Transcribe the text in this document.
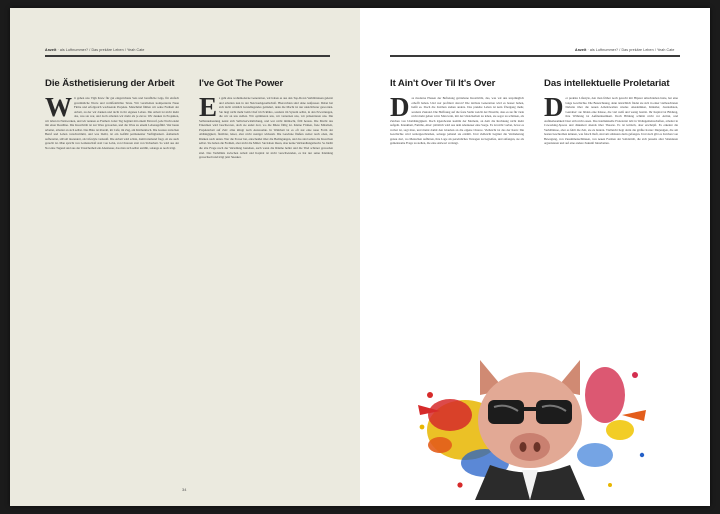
Anzeit · als Luftnummer? / Das prekäre Leben / Yeah Cate
Die Ästhetisierung der Arbeit
W ir gehen uns Vigh Krew für gut eingerichtete Sets und berufliche Gigs, für einfach gewöhnliche Worte und veröffentlichte Texte. Wir verarbeiten komponierte Neue Firme und erfolgreich wachsende Projekte. Manchmal fühlen wir seine Freiheit der Arbeit, zu der wir danken und nicht in ihr eigenes Leben. Die Arbeit ist nicht mehr das, was sie war, und doch arbeiten wir mehr als je zuvor. Wir denken in Projekten, wir leben in Netzwerken, und wir nennen es Freiheit. Jeder Tag beginnt mit einem Entwurf, jede Nacht endet mit einer Deadline. Die Kreativität ist zur Ware geworden, und die Ware zu einem Lebensgefühl. Wer heute arbeitet, arbeitet an sich selbst. Das Büro ist überall, im Café, im Zug, am Küchentisch. Die Grenze zwischen Beruf und Leben verschwimmt, und was bleibt, ist ein Gefühl permanenter Verfügbarkeit. Ästhetisch aufbereitet, stilvoll inszeniert, als Lifestyle verkauft. Die Arbeit wird schön, damit niemand fragt, ob sie auch gerecht ist. Man spricht von Leidenschaft statt von Lohn, von Chancen statt von Sicherheit. So wird aus der Not eine Tugend und aus der Unsicherheit ein Abenteuer, das man sich selbst erzählt, solange es noch trägt.

I've Got The Power
E s geht eine wohnmoderne Generation, wir haben es aus den Top-Down Verhältnissen gelernt und arbeiten nun in der Netzwerkgesellschaft. Hierarchien sind ohne Aufpasser. Dabei hat sich nicht wirklich Grundlegendes geändert, denn die Macht ist nur unsichtbarer geworden. Sie liegt nicht mehr beim Chef im Eckbüro, sondern im System selbst, in den Erwartungen, die wir an uns stellen. Wir optimieren uns, wir vernetzen uns, wir präsentieren uns. Die Selbstausbeutung nennt sich Selbstverwirklichung, und wer nicht mitmacht, fällt heraus. Die Macht des Einzelnen wird beschworen, doch sie endet dort, wo die Miete fällig ist. Kleine Firmen, freie Mitarbeit, Projektarbeit auf Zeit: alles klingt nach Autonomie. In Wahrheit ist es oft nur eine neue Form der Abhängigkeit, flexibler, leiser, aber nicht weniger wirksam. Die Gewinne fließen weiter nach oben, die Risiken nach unten. Wer die Power hat, entscheidet über die Bedingungen, und das sind selten die Kreativen selbst. Sie haben die Freiheit, aber nicht die Mittel. Sie haben Ideen, aber keine Verhandlungsmacht. So bleibt die alte Frage nach der Verteilung bestehen, auch wenn die Räume heller und die Titel schöner geworden sind. Das Verhältnis zwischen Arbeit und Kapital ist nicht verschwunden, es hat nur seine Kleidung gewechselt und trägt jetzt Sneaker.

34
Anzeit · als Luftnummer? / Das prekäre Leben / Yeah Cate
It Ain't Over Til It's Over
D as moderne Phasen der Befreiung getriebene Kreativität, das, was wir uns ursprünglich erhofft haben. Und wer profitiert davon? Die nächste Generation wird es besser haben, heißt es. Doch die Zeichen stehen anders. Das prekäre Leben ist kein Übergang mehr, sondern Zustand. Die Hoffnung auf die feste Stelle weicht der Einsicht, dass es sie für viele nicht mehr geben wird. Man lernt, mit der Unsicherheit zu leben, sie sogar zu schätzen, als Zeichen von Unabhängigkeit. Doch irgendwann kommt der Moment, an dem die Rechnung nicht mehr aufgeht. Krankheit, Familie, Alter: plötzlich wird aus dem Abenteuer eine Sorge. Es ist nicht vorbei, bevor es vorbei ist, sagt man, und meint damit den Glauben an die eigene Chance. Vielleicht ist das der Kern: Die Geschichte wird weitergeschrieben, solange jemand sie erzählt. Und vielleicht beginnt die Veränderung genau dort, wo Menschen aufhören, ihre Lage als persönliches Versagen zu begreifen, und anfangen, sie als gemeinsame Frage zu stellen, die eine Antwort verlangt.

Das intellektuelle Proletariat
D er prekäre Lifestyle, den man früher noch gerecht mit Hipster umschrieben hatte, hat eine lange Geschichte. Die Bezeichnung, denn tatsächlich findet sie sich in einer vielbeachteten Debatte über die neuen Arbeitswelten wieder. Akademiker, Künstler, Journalisten, Gestalter: sie bilden eine Klasse, die viel weiß und wenig besitzt. Ihr Kapital ist Bildung, ihre Währung ist Aufmerksamkeit. Doch Bildung schützt nicht vor Armut, und Aufmerksamkeit lässt sich nicht essen. Das intellektuelle Proletariat lebt in Wohngemeinschaften, arbeitet in Coworking-Spaces und diskutiert abends über Theorie. Es ist kritisch, aber erschöpft. Es erkennt die Verhältnisse, aber es fehlt die Zeit, sie zu ändern. Vielleicht liegt darin die größte Ironie: Diejenigen, die am besten beschreiben können, was falsch läuft, sind am stärksten darin gefangen. Und doch gibt es Zeichen von Bewegung, von Zusammenschlüssen, von neuen Formen der Solidarität, die sich jenseits alter Strukturen organisieren und auf eine andere Zukunft hinarbeiten.
